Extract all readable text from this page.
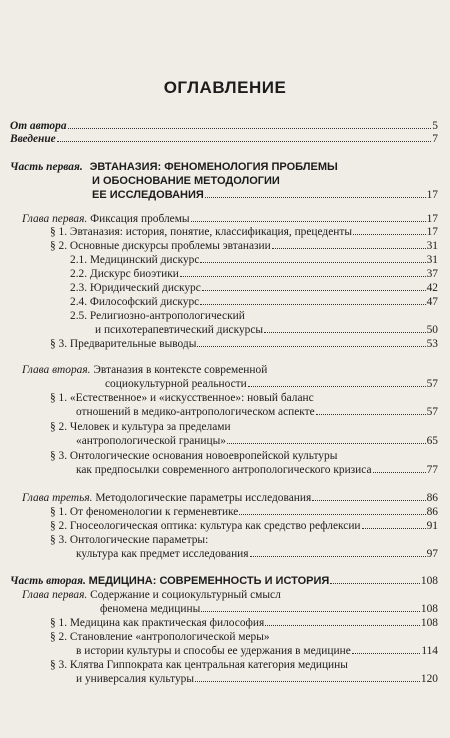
ОГЛАВЛЕНИЕ
От автора	5
Введение	7
Часть первая. ЭВТАНАЗИЯ: ФЕНОМЕНОЛОГИЯ ПРОБЛЕМЫ
И ОБОСНОВАНИЕ МЕТОДОЛОГИИ
ЕЕ ИССЛЕДОВАНИЯ	17
Глава первая. Фиксация проблемы	17
§ 1. Эвтаназия: история, понятие, классификация, прецеденты	17
§ 2. Основные дискурсы проблемы эвтаназии	31
2.1. Медицинский дискурс	31
2.2. Дискурс биоэтики	37
2.3. Юридический дискурс	42
2.4. Философский дискурс	47
2.5. Религиозно-антропологический
и психотерапевтический дискурсы	50
§ 3. Предварительные выводы	53
Глава вторая. Эвтаназия в контексте современной
социокультурной реальности	57
§ 1. «Естественное» и «искусственное»: новый баланс
отношений в медико-антропологическом аспекте	57
§ 2. Человек и культура за пределами
«антропологической границы»	65
§ 3. Онтологические основания новоевропейской культуры
как предпосылки современного антропологического кризиса	77
Глава третья. Методологические параметры исследования	86
§ 1. От феноменологии к герменевтике	86
§ 2. Гносеологическая оптика: культура как средство рефлексии	91
§ 3. Онтологические параметры:
культура как предмет исследования	97
Часть вторая. МЕДИЦИНА: СОВРЕМЕННОСТЬ И ИСТОРИЯ	108
Глава первая. Содержание и социокультурный смысл
феномена медицины	108
§ 1. Медицина как практическая философия	108
§ 2. Становление «антропологической меры»
в истории культуры и способы ее удержания в медицине	114
§ 3. Клятва Гиппократа как центральная категория медицины
и универсалия культуры	120
